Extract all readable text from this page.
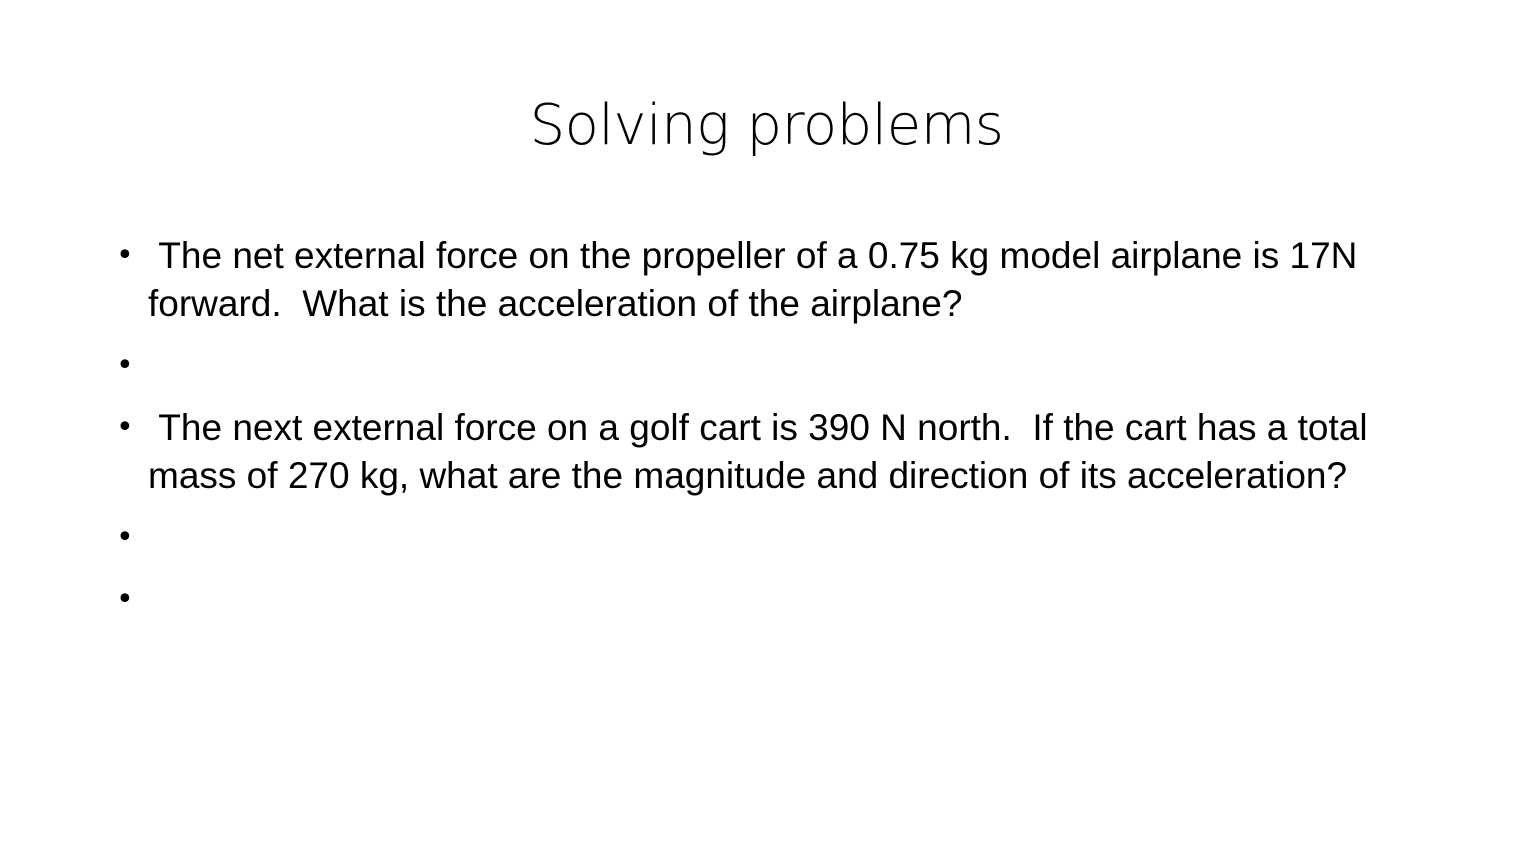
Solving problems
• The net external force on the propeller of a 0.75 kg model airplane is 17N forward.  What is the acceleration of the airplane?
•
• The next external force on a golf cart is 390 N north.  If the cart has a total mass of 270 kg, what are the magnitude and direction of its acceleration?
•
•
